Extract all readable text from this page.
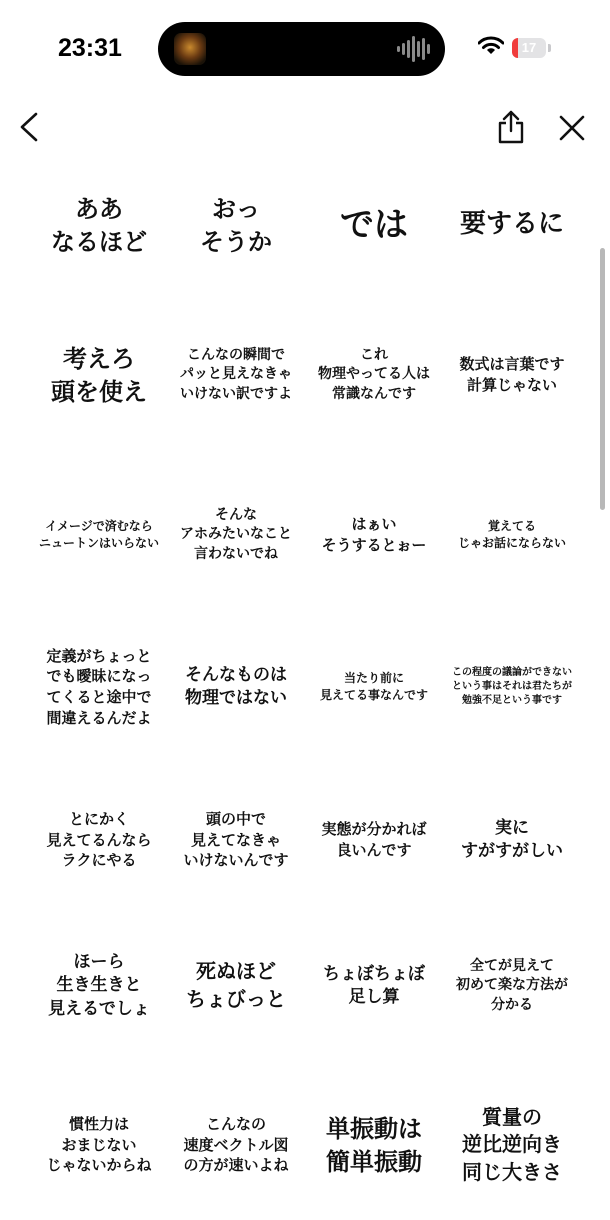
23:31	17
ああ
なるほど
おっ
そうか	では	要するに
考えろ
頭を使え
こんなの瞬間で
パッと見えなきゃ
いけない訳ですよ
これ
物理やってる人は
常識なんです
数式は言葉です
計算じゃない
イメージで済むなら
ニュートンはいらない
そんな
アホみたいなこと
言わないでね
はぁい
そうするとぉー
覚えてる
じゃお話にならない
定義がちょっと
でも曖昧になっ
てくると途中で
間違えるんだよ
そんなものは
物理ではない
当たり前に
見えてる事なんです
この程度の議論ができない
という事はそれは君たちが
勉強不足という事です
とにかく
見えてるんなら
ラクにやる
頭の中で
見えてなきゃ
いけないんです
実態が分かれば
良いんです
実に
すがすがしい
ほーら
生き生きと
見えるでしょ
死ぬほど
ちょびっと
ちょぼちょぼ
足し算
全てが見えて
初めて楽な方法が
分かる
慣性力は
おまじない
じゃないからね
こんなの
速度ベクトル図
の方が速いよね
単振動は
簡単振動
質量の
逆比逆向き
同じ大きさ
